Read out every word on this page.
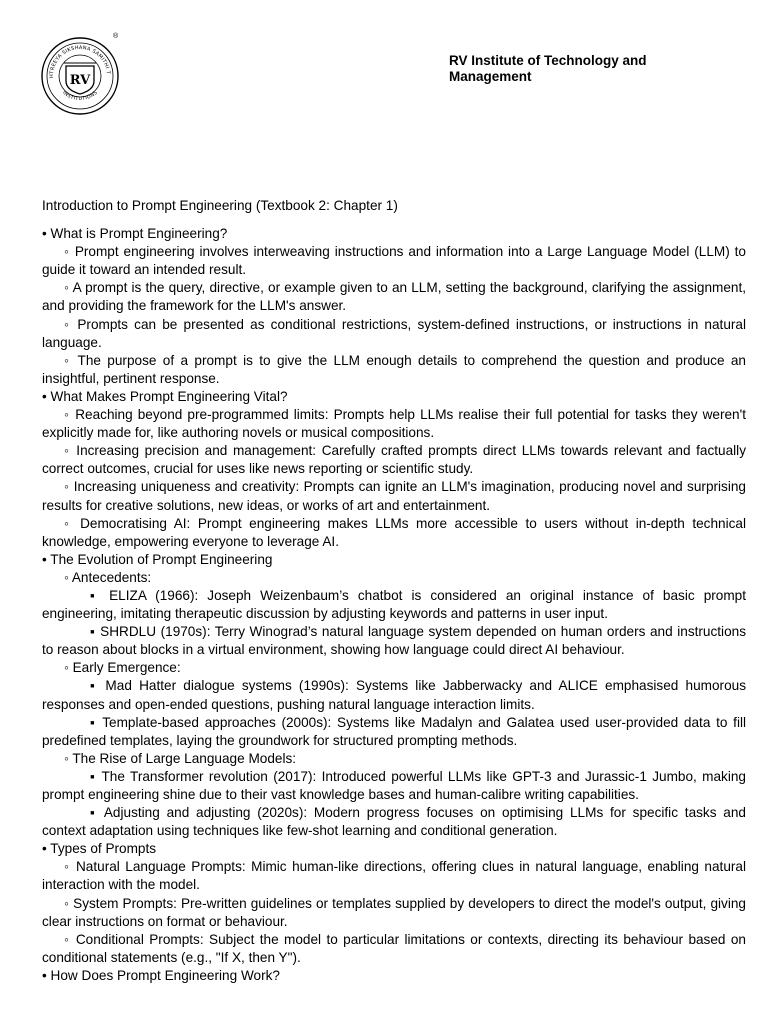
HTREEYA SIKSHANA SAMITHI T
INSTITUTIONS
RV
®
RV Institute of Technology and Management

Introduction to Prompt Engineering (Textbook 2: Chapter 1)

• What is Prompt Engineering?

◦ Prompt engineering involves interweaving instructions and information into a Large Language Model (LLM) to guide it toward an intended result.

◦ A prompt is the query, directive, or example given to an LLM, setting the background, clarifying the assignment, and providing the framework for the LLM's answer.

◦ Prompts can be presented as conditional restrictions, system-defined instructions, or instructions in natural language.

◦ The purpose of a prompt is to give the LLM enough details to comprehend the question and produce an insightful, pertinent response.

• What Makes Prompt Engineering Vital?

◦ Reaching beyond pre-programmed limits: Prompts help LLMs realise their full potential for tasks they weren't explicitly made for, like authoring novels or musical compositions.

◦ Increasing precision and management: Carefully crafted prompts direct LLMs towards relevant and factually correct outcomes, crucial for uses like news reporting or scientific study.

◦ Increasing uniqueness and creativity: Prompts can ignite an LLM's imagination, producing novel and surprising results for creative solutions, new ideas, or works of art and entertainment.

◦ Democratising AI: Prompt engineering makes LLMs more accessible to users without in-depth technical knowledge, empowering everyone to leverage AI.

• The Evolution of Prompt Engineering

◦ Antecedents:

▪ ELIZA (1966): Joseph Weizenbaum’s chatbot is considered an original instance of basic prompt engineering, imitating therapeutic discussion by adjusting keywords and patterns in user input.

▪ SHRDLU (1970s): Terry Winograd’s natural language system depended on human orders and instructions to reason about blocks in a virtual environment, showing how language could direct AI behaviour.

◦ Early Emergence:

▪ Mad Hatter dialogue systems (1990s): Systems like Jabberwacky and ALICE emphasised humorous responses and open-ended questions, pushing natural language interaction limits.

▪ Template-based approaches (2000s): Systems like Madalyn and Galatea used user-provided data to fill predefined templates, laying the groundwork for structured prompting methods.

◦ The Rise of Large Language Models:

▪ The Transformer revolution (2017): Introduced powerful LLMs like GPT-3 and Jurassic-1 Jumbo, making prompt engineering shine due to their vast knowledge bases and human-calibre writing capabilities.

▪ Adjusting and adjusting (2020s): Modern progress focuses on optimising LLMs for specific tasks and context adaptation using techniques like few-shot learning and conditional generation.

• Types of Prompts

◦ Natural Language Prompts: Mimic human-like directions, offering clues in natural language, enabling natural interaction with the model.

◦ System Prompts: Pre-written guidelines or templates supplied by developers to direct the model's output, giving clear instructions on format or behaviour.

◦ Conditional Prompts: Subject the model to particular limitations or contexts, directing its behaviour based on conditional statements (e.g., "If X, then Y").

• How Does Prompt Engineering Work?
